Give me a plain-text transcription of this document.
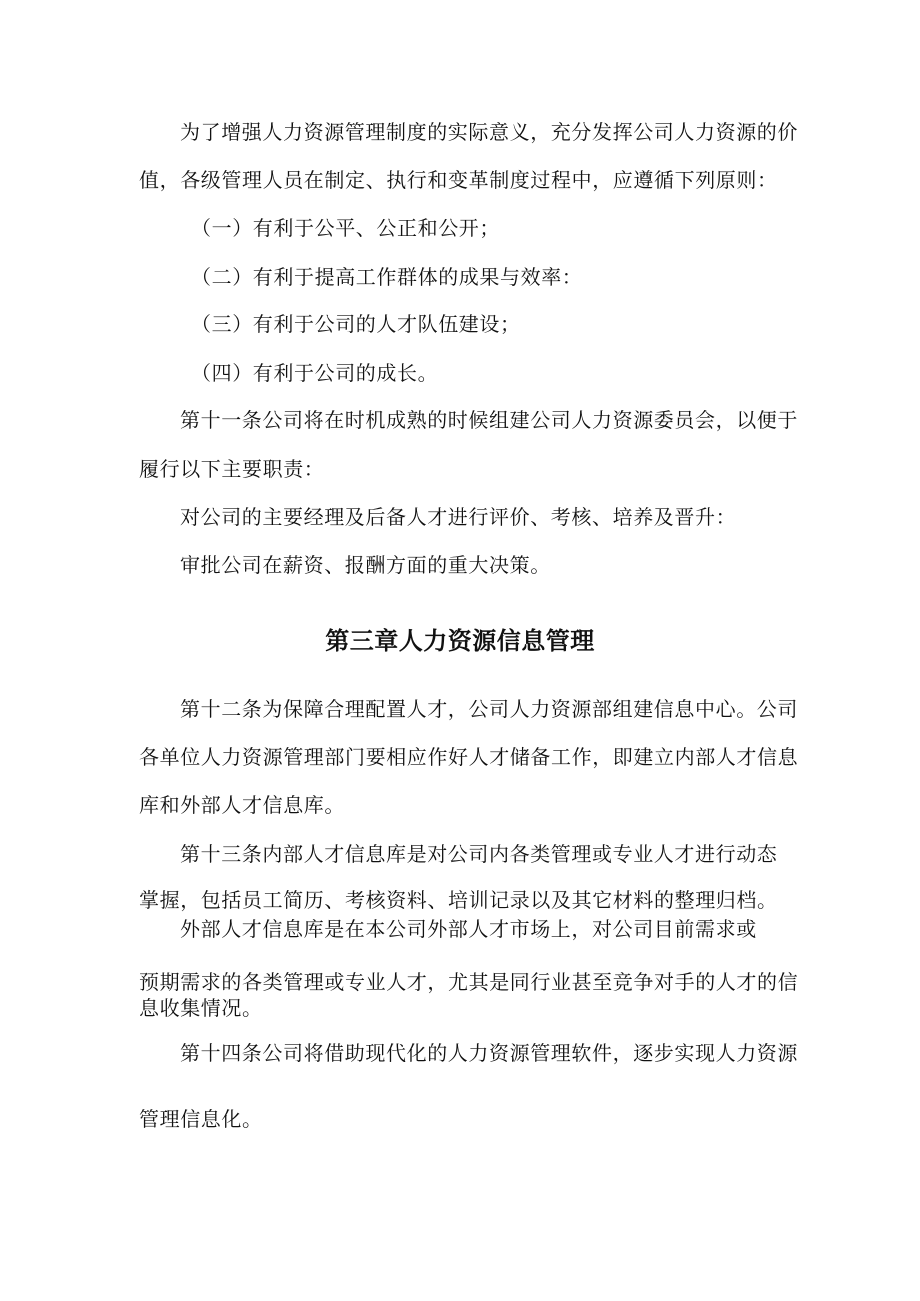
为了增强人力资源管理制度的实际意义，充分发挥公司人力资源的价
值，各级管理人员在制定、执行和变革制度过程中，应遵循下列原则：
（一）有利于公平、公正和公开；
（二）有利于提高工作群体的成果与效率：
（三）有利于公司的人才队伍建设；
（四）有利于公司的成长。
第十一条公司将在时机成熟的时候组建公司人力资源委员会，以便于
履行以下主要职责：
对公司的主要经理及后备人才进行评价、考核、培养及晋升：
审批公司在薪资、报酬方面的重大决策。
第三章人力资源信息管理
第十二条为保障合理配置人才，公司人力资源部组建信息中心。公司
各单位人力资源管理部门要相应作好人才储备工作，即建立内部人才信息
库和外部人才信息库。
第十三条内部人才信息库是对公司内各类管理或专业人才进行动态
掌握，包括员工简历、考核资料、培训记录以及其它材料的整理归档。
外部人才信息库是在本公司外部人才市场上，对公司目前需求或
预期需求的各类管理或专业人才，尤其是同行业甚至竞争对手的人才的信
息收集情况。
第十四条公司将借助现代化的人力资源管理软件，逐步实现人力资源
管理信息化。
